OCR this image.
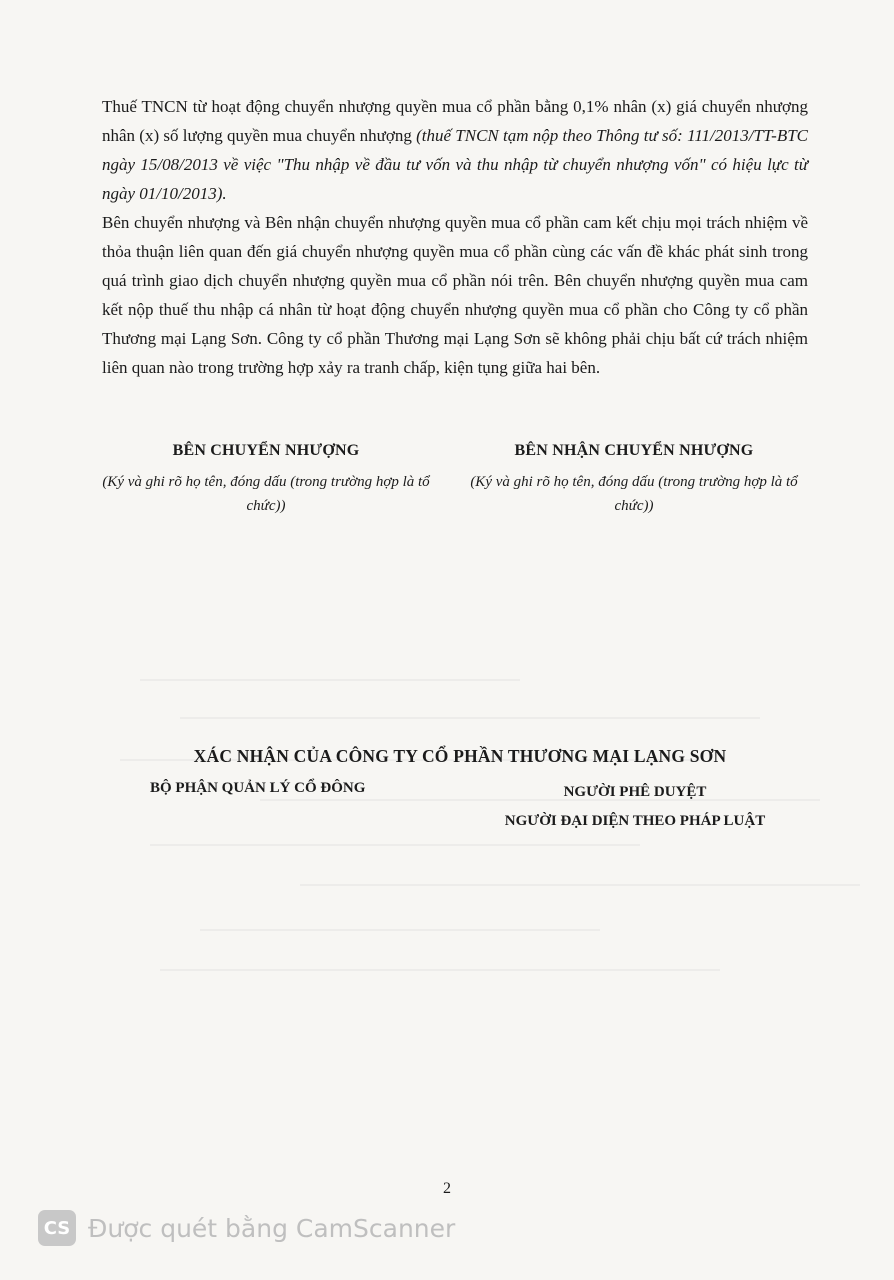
Thuế TNCN từ hoạt động chuyển nhượng quyền mua cổ phần bằng 0,1% nhân (x) giá chuyển nhượng nhân (x) số lượng quyền mua chuyển nhượng (thuế TNCN tạm nộp theo Thông tư số: 111/2013/TT-BTC ngày 15/08/2013 về việc "Thu nhập về đầu tư vốn và thu nhập từ chuyển nhượng vốn" có hiệu lực từ ngày 01/10/2013).

Bên chuyển nhượng và Bên nhận chuyển nhượng quyền mua cổ phần cam kết chịu mọi trách nhiệm về thỏa thuận liên quan đến giá chuyển nhượng quyền mua cổ phần cùng các vấn đề khác phát sinh trong quá trình giao dịch chuyển nhượng quyền mua cổ phần nói trên. Bên chuyển nhượng quyền mua cam kết nộp thuế thu nhập cá nhân từ hoạt động chuyển nhượng quyền mua cổ phần cho Công ty cổ phần Thương mại Lạng Sơn. Công ty cổ phần Thương mại Lạng Sơn sẽ không phải chịu bất cứ trách nhiệm liên quan nào trong trường hợp xảy ra tranh chấp, kiện tụng giữa hai bên.

BÊN CHUYỂN NHƯỢNG
(Ký và ghi rõ họ tên, đóng dấu (trong trường hợp là tổ chức))
BÊN NHẬN CHUYỂN NHƯỢNG
(Ký và ghi rõ họ tên, đóng dấu (trong trường hợp là tổ chức))
XÁC NHẬN CỦA CÔNG TY CỔ PHẦN THƯƠNG MẠI LẠNG SƠN
BỘ PHẬN QUẢN LÝ CỔ ĐÔNG	NGƯỜI PHÊ DUYỆT
NGƯỜI ĐẠI DIỆN THEO PHÁP LUẬT
2
CS Được quét bằng CamScanner
